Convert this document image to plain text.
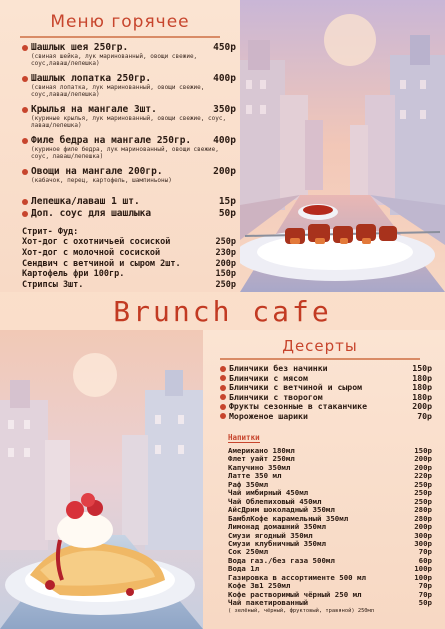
Меню горячее
Шашлык шея 250гр.	450р
(свиная шейка, лук маринованный, овощи свежие, соус,лаваш/лепешка)
Шашлык лопатка 250гр.	400р
(свиная лопатка, лук маринованный, овощи свежие, соус,лаваш/лепешка)
Крылья на мангале 3шт.	350р
(куриные крылья, лук маринованный, овощи свежие, соус, лаваш/лепешка)
Филе бедра на мангале 250гр. 400р
(куриное филе бедра, лук маринованный, овощи свежие, соус, лаваш/лепешка)
Овощи на мангале 200гр.	200р
(кабачок, перец, картофель, шампиньоны)
Лепешка/лаваш 1 шт.	15р
Доп. соус для шашлыка	50р
Стрит- Фуд:
Хот-дог с охотничьей сосиской	250р
Хот-дог с молочной сосиской	230р
Сендвич с ветчиной и сыром 2шт.	200р
Картофель фри 100гр.	150р
Стрипсы 3шт.	250р
Brunch cafe
Десерты
Блинчики без начинки	150р
Блинчики с мясом	180р
Блинчики с ветчиной и сыром	180р
Блинчики с творогом	180р
Фрукты сезонные в стаканчике	200р
Мороженое шарики	70р
Напитки
Американо 180мл	150р
Флет уайт 250мл	200р
Капучино 350мл	200р
Латте 350 мл	220р
Раф 350мл	250р
Чай имбирный 450мл	250р
Чай Облепиховый 450мл	250р
АйсДрим шоколадный 350мл	280р
БамблКофе карамельный 350мл	280р
Лимонад домашний 350мл	200р
Смузи ягодный 350мл	300р
Смузи клубничный 350мл	300р
Сок 250мл	70р
Вода газ./без газа 500мл	60р
Вода 1л	100р
Газировка в ассортименте 500 мл	100р
Кофе 3в1 250мл	70р
Кофе растворимый чёрный 250 мл	70р
Чай пакетированный	50р
( зелёный, чёрный, фруктовый, травяной) 250мл
